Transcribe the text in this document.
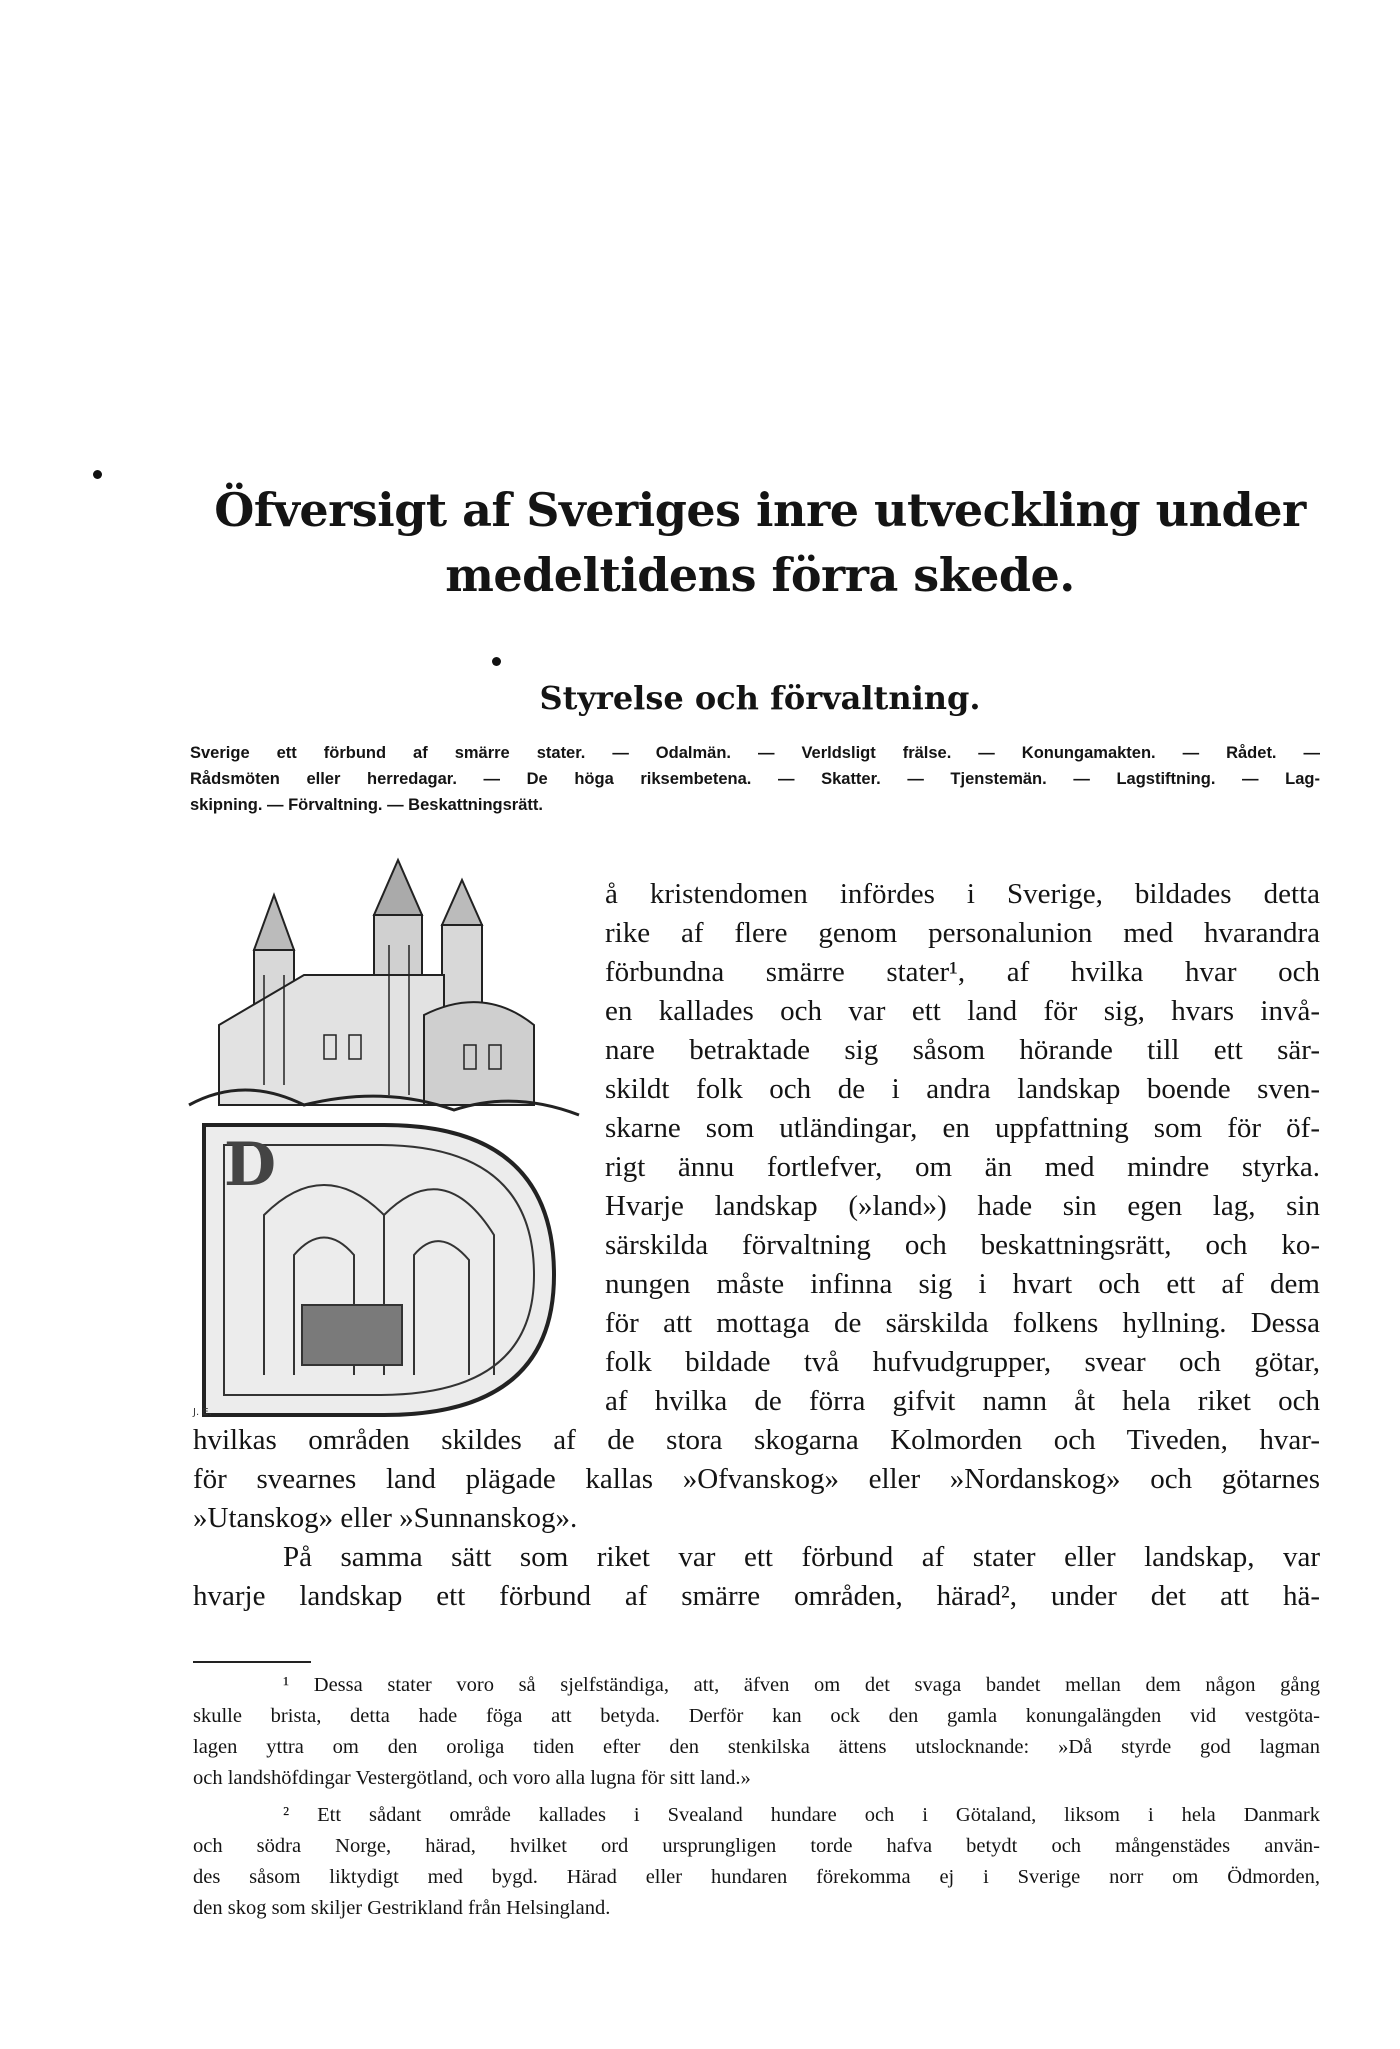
Öfversigt af Sveriges inre utveckling under
medeltidens förra skede.
Styrelse och förvaltning.
Sverige ett förbund af smärre stater. — Odalmän. — Verldsligt frälse. — Konungamakten. — Rådet. —
Rådsmöten eller herredagar. — De höga riksembetena. — Skatter. — Tjenstemän. — Lagstiftning. — Lag-
skipning. — Förvaltning. — Beskattningsrätt.
D
J. E.
å kristendomen infördes i Sverige, bildades detta
rike af flere genom personalunion med hvarandra
förbundna smärre stater¹, af hvilka hvar och
en kallades och var ett land för sig, hvars invå-
nare betraktade sig såsom hörande till ett sär-
skildt folk och de i andra landskap boende sven-
skarne som utländingar, en uppfattning som för öf-
rigt ännu fortlefver, om än med mindre styrka.
Hvarje landskap (»land») hade sin egen lag, sin
särskilda förvaltning och beskattningsrätt, och ko-
nungen måste infinna sig i hvart och ett af dem
för att mottaga de särskilda folkens hyllning. Dessa
folk bildade två hufvudgrupper, svear och götar,
af hvilka de förra gifvit namn åt hela riket och
hvilkas områden skildes af de stora skogarna Kolmorden och Tiveden, hvar-
för svearnes land plägade kallas »Ofvanskog» eller »Nordanskog» och götarnes
»Utanskog» eller »Sunnanskog».
På samma sätt som riket var ett förbund af stater eller landskap, var
hvarje landskap ett förbund af smärre områden, härad², under det att hä-
¹ Dessa stater voro så sjelfständiga, att, äfven om det svaga bandet mellan dem någon gång
skulle brista, detta hade föga att betyda. Derför kan ock den gamla konungalängden vid vestgöta-
lagen yttra om den oroliga tiden efter den stenkilska ättens utslocknande: »Då styrde god lagman
och landshöfdingar Vestergötland, och voro alla lugna för sitt land.»
² Ett sådant område kallades i Svealand hundare och i Götaland, liksom i hela Danmark
och södra Norge, härad, hvilket ord ursprungligen torde hafva betydt och mångenstädes använ-
des såsom liktydigt med bygd. Härad eller hundaren förekomma ej i Sverige norr om Ödmorden,
den skog som skiljer Gestrikland från Helsingland.
